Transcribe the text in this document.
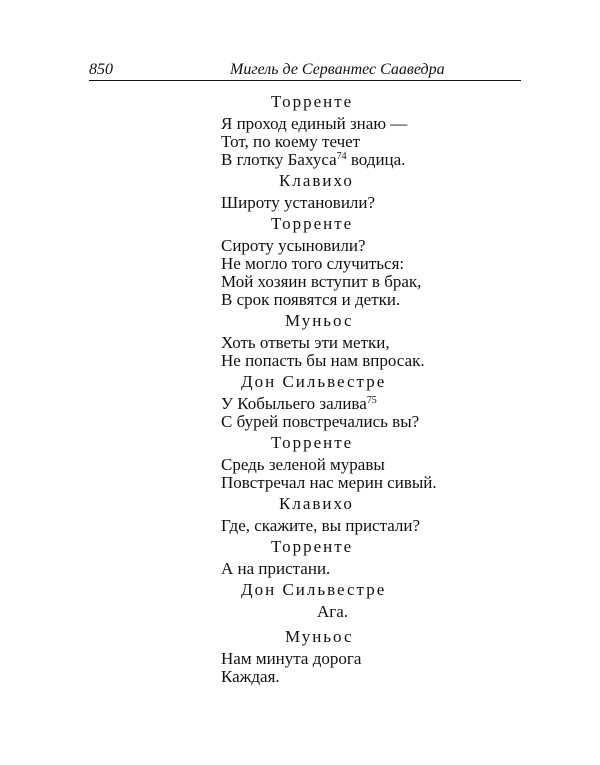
850	Мигель де Сервантес Сааведра
Торренте
Я проход единый знаю —
Тот, по коему течет
В глотку Бахуса$^{74}$ водица.
Клавихо
Широту установили?
Торренте
Сироту усыновили?
Не могло того случиться:
Мой хозяин вступит в брак,
В срок появятся и детки.
Муньос
Хоть ответы эти метки,
Не попасть бы нам впросак.
Дон Сильвестре
У Кобыльего залива$^{75}$
С бурей повстречались вы?
Торренте
Средь зеленой муравы
Повстречал нас мерин сивый.
Клавихо
Где, скажите, вы пристали?
Торренте
А на пристани.
Дон Сильвестре
Ага.
Муньос
Нам минута дорога
Каждая.
